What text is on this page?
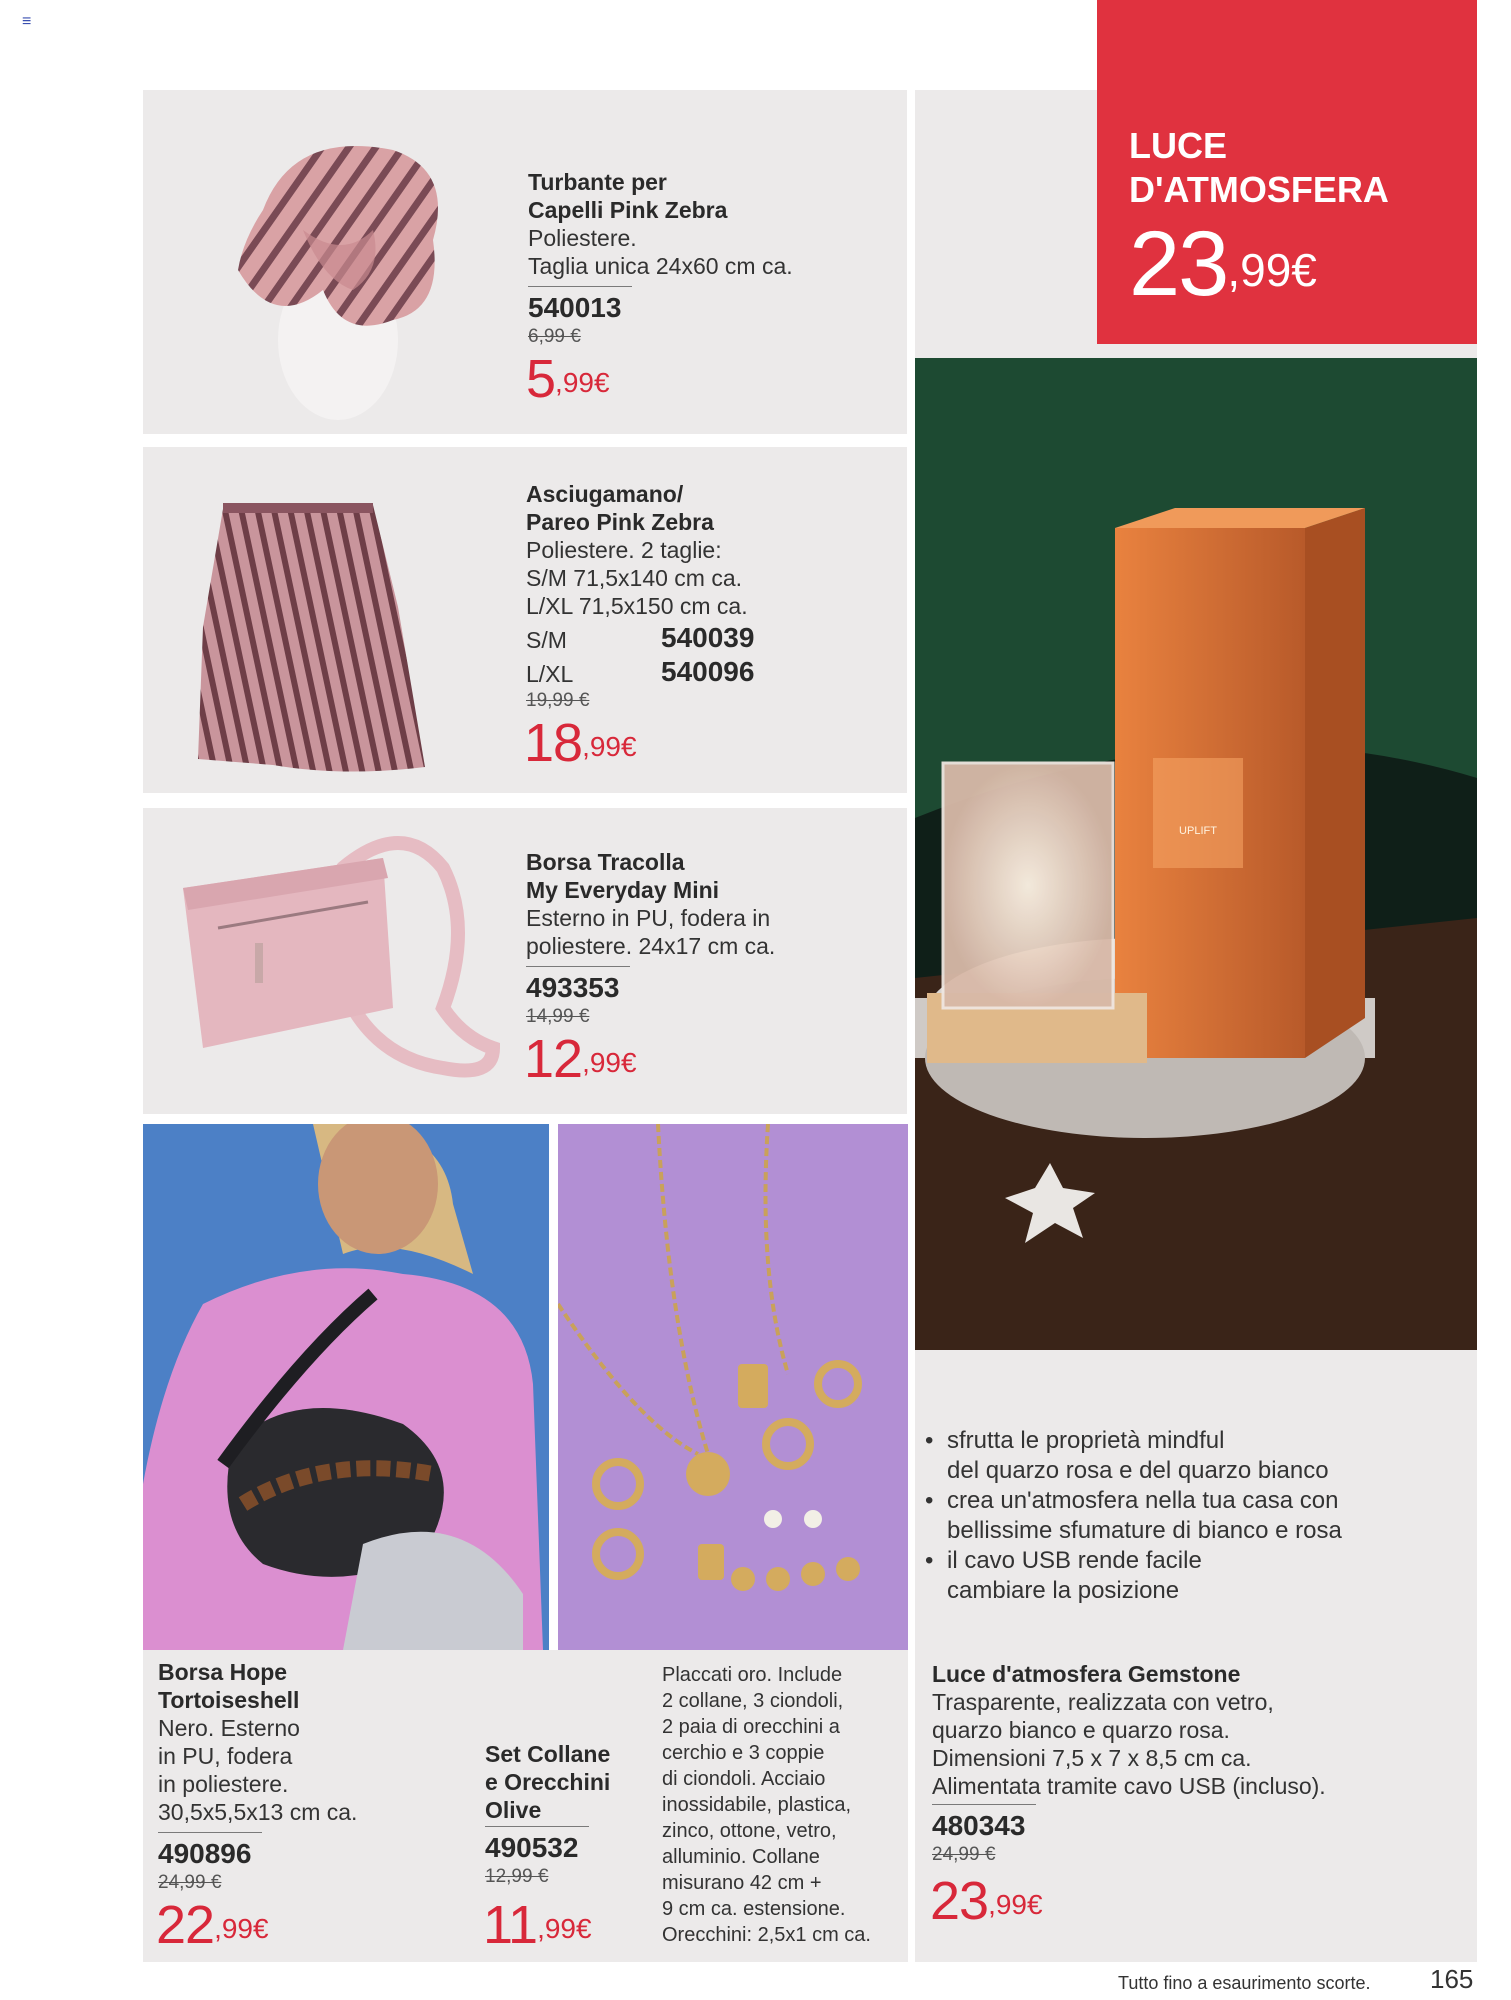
≡
Turbante per
Capelli Pink Zebra
Poliestere.
Taglia unica 24x60 cm ca.
540013
6,99 €
$5^{,99€}$
Asciugamano/
Pareo Pink Zebra
Poliestere. 2 taglie:
S/M 71,5x140 cm ca.
L/XL 71,5x150 cm ca.
S/M	540039
L/XL	540096
19,99 €
$18^{,99€}$
Borsa Tracolla
My Everyday Mini
Esterno in PU, fodera in
poliestere. 24x17 cm ca.
493353
14,99 €
$12^{,99€}$
Borsa Hope
Tortoiseshell
Nero. Esterno
in PU, fodera
in poliestere.
30,5x5,5x13 cm ca.
490896
24,99 €
$22^{,99€}$
Set Collane
e Orecchini
Olive
490532
12,99 €
$11^{,99€}$
Placcati oro. Include
2 collane, 3 ciondoli,
2 paia di orecchini a
cerchio e 3 coppie
di ciondoli. Acciaio
inossidabile, plastica,
zinco, ottone, vetro,
alluminio. Collane
misurano 42 cm +
9 cm ca. estensione.
Orecchini: 2,5x1 cm ca.
LUCE
D'ATMOSFERA
$23^{,99€}$
UPLIFT
• sfrutta le proprietà mindful
del quarzo rosa e del quarzo bianco
• crea un'atmosfera nella tua casa con
bellissime sfumature di bianco e rosa
• il cavo USB rende facile
cambiare la posizione
Luce d'atmosfera Gemstone
Trasparente, realizzata con vetro,
quarzo bianco e quarzo rosa.
Dimensioni 7,5 x 7 x 8,5 cm ca.
Alimentata tramite cavo USB (incluso).
480343
24,99 €
$23^{,99€}$
Tutto fino a esaurimento scorte. 165
